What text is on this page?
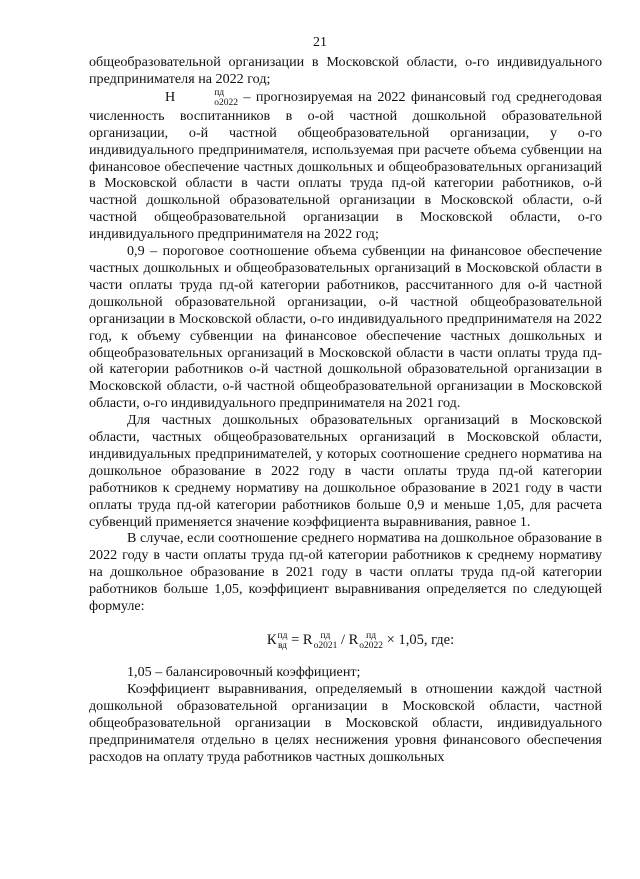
21

общеобразовательной организации в Московской области, о-го индивидуального предпринимателя на 2022 год;

Н	пд
о2022 – прогнозируемая на 2022 финансовый год среднегодовая численность воспитанников в о-ой частной дошкольной образовательной организации, о-й частной общеобразовательной организации, у о-го индивидуального предпринимателя, используемая при расчете объема субвенции на финансовое обеспечение частных дошкольных и общеобразовательных организаций в Московской области в части оплаты труда пд-ой категории работников, о-й частной дошкольной образовательной организации в Московской области, о-й частной общеобразовательной организации в Московской области, о-го индивидуального предпринимателя на 2022 год;

0,9 – пороговое соотношение объема субвенции на финансовое обеспечение частных дошкольных и общеобразовательных организаций в Московской области в части оплаты труда пд-ой категории работников, рассчитанного для о-й частной дошкольной образовательной организации, о-й частной общеобразовательной организации в Московской области, о-го индивидуального предпринимателя на 2022 год, к объему субвенции на финансовое обеспечение частных дошкольных и общеобразовательных организаций в Московской области в части оплаты труда пд-ой категории работников о-й частной дошкольной образовательной организации в Московской области, о-й частной общеобразовательной организации в Московской области, о-го индивидуального предпринимателя на 2021 год.

Для частных дошкольных образовательных организаций в Московской области, частных общеобразовательных организаций в Московской области, индивидуальных предпринимателей, у которых соотношение среднего норматива на дошкольное образование в 2022 году в части оплаты труда пд-ой категории работников к среднему нормативу на дошкольное образование в 2021 году в части оплаты труда пд-ой категории работников больше 0,9 и меньше 1,05, для расчета субвенций применяется значение коэффициента выравнивания, равное 1.

В случае, если соотношение среднего норматива на дошкольное образование в 2022 году в части оплаты труда пд-ой категории работников к среднему нормативу на дошкольное образование в 2021 году в части оплаты труда пд-ой категории работников больше 1,05, коэффициент выравнивания определяется по следующей формуле:

К пд
вд = R пд
о2021 / R пд
о2022 × 1,05, где:

1,05 – балансировочный коэффициент;

Коэффициент выравнивания, определяемый в отношении каждой частной дошкольной образовательной организации в Московской области, частной общеобразовательной организации в Московской области, индивидуального предпринимателя отдельно в целях неснижения уровня финансового обеспечения расходов на оплату труда работников частных дошкольных
